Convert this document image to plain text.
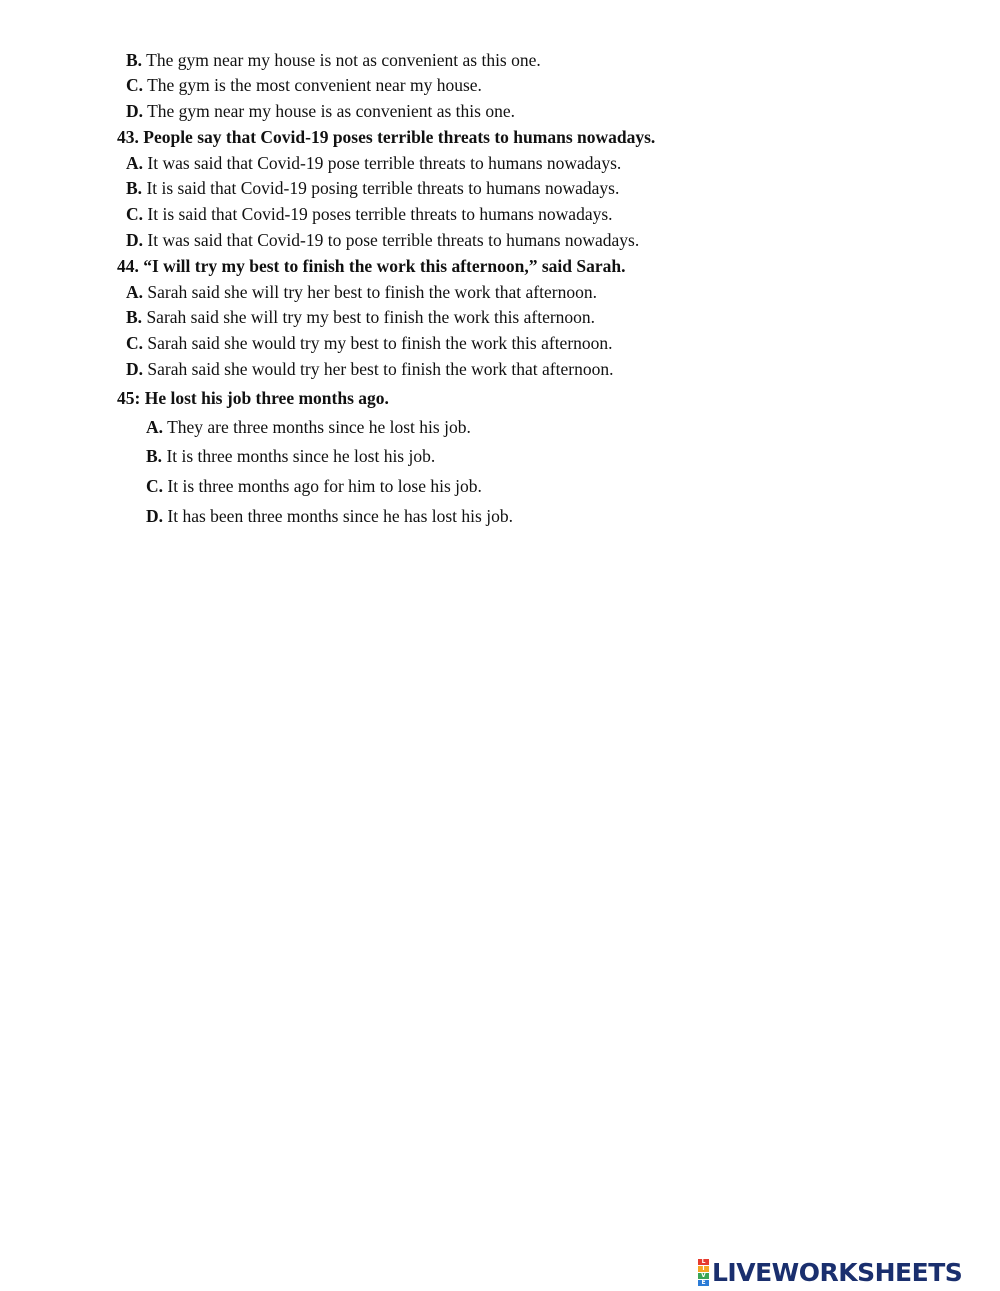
B. The gym near my house is not as convenient as this one.
C. The gym is the most convenient near my house.
D. The gym near my house is as convenient as this one.
43. People say that Covid-19 poses terrible threats to humans nowadays.
A. It was said that Covid-19 pose terrible threats to humans nowadays.
B. It is said that Covid-19 posing terrible threats to humans nowadays.
C. It is said that Covid-19 poses terrible threats to humans nowadays.
D. It was said that Covid-19 to pose terrible threats to humans nowadays.
44. “I will try my best to finish the work this afternoon,” said Sarah.
A. Sarah said she will try her best to finish the work that afternoon.
B. Sarah said she will try my best to finish the work this afternoon.
C. Sarah said she would try my best to finish the work this afternoon.
D. Sarah said she would try her best to finish the work that afternoon.
45: He lost his job three months ago.
A. They are three months since he lost his job.
B. It is three months since he lost his job.
C. It is three months ago for him to lose his job.
D. It has been three months since he has lost his job.
L
I
V
E LIVEWORKSHEETS
